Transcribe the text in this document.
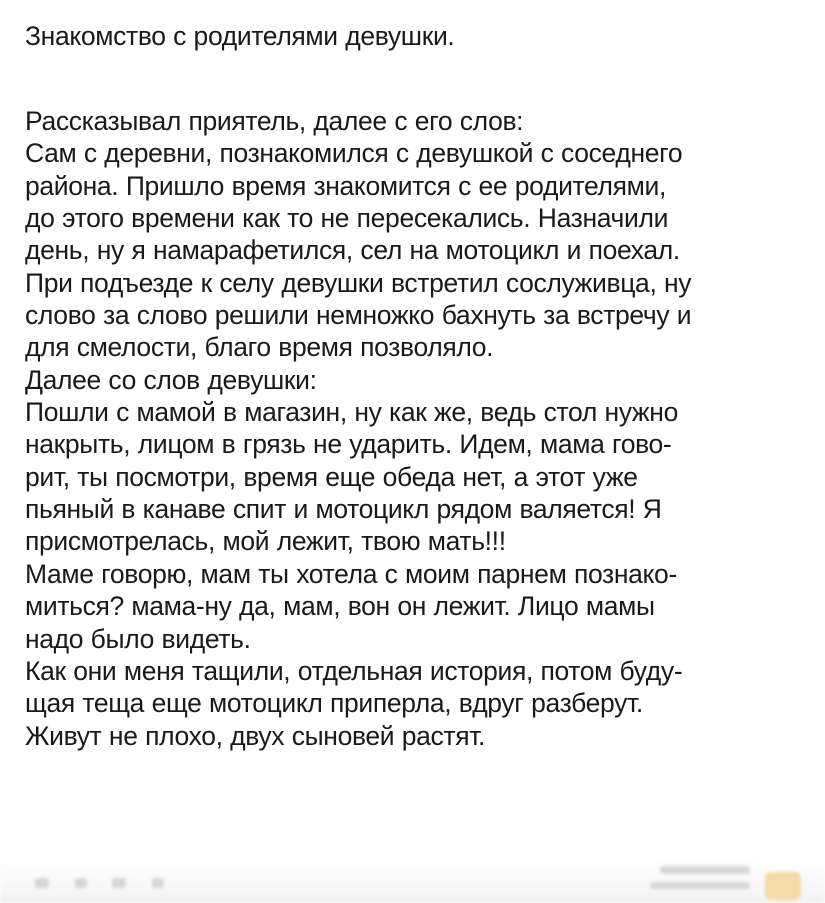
Знакомство с родителями девушки.
Рассказывал приятель, далее с его слов:
Сам с деревни, познакомился с девушкой с соседнего
района. Пришло время знакомится с ее родителями,
до этого времени как то не пересекались. Назначили
день, ну я намарафетился, сел на мотоцикл и поехал.
При подъезде к селу девушки встретил сослуживца, ну
слово за слово решили немножко бахнуть за встречу и
для смелости, благо время позволяло.
Далее со слов девушки:
Пошли с мамой в магазин, ну как же, ведь стол нужно
накрыть, лицом в грязь не ударить. Идем, мама гово-
рит, ты посмотри, время еще обеда нет, а этот уже
пьяный в канаве спит и мотоцикл рядом валяется! Я
присмотрелась, мой лежит, твою мать!!!
Маме говорю, мам ты хотела с моим парнем познако-
миться? мама-ну да, мам, вон он лежит. Лицо мамы
надо было видеть.
Как они меня тащили, отдельная история, потом буду-
щая теща еще мотоцикл приперла, вдруг разберут.
Живут не плохо, двух сыновей растят.
